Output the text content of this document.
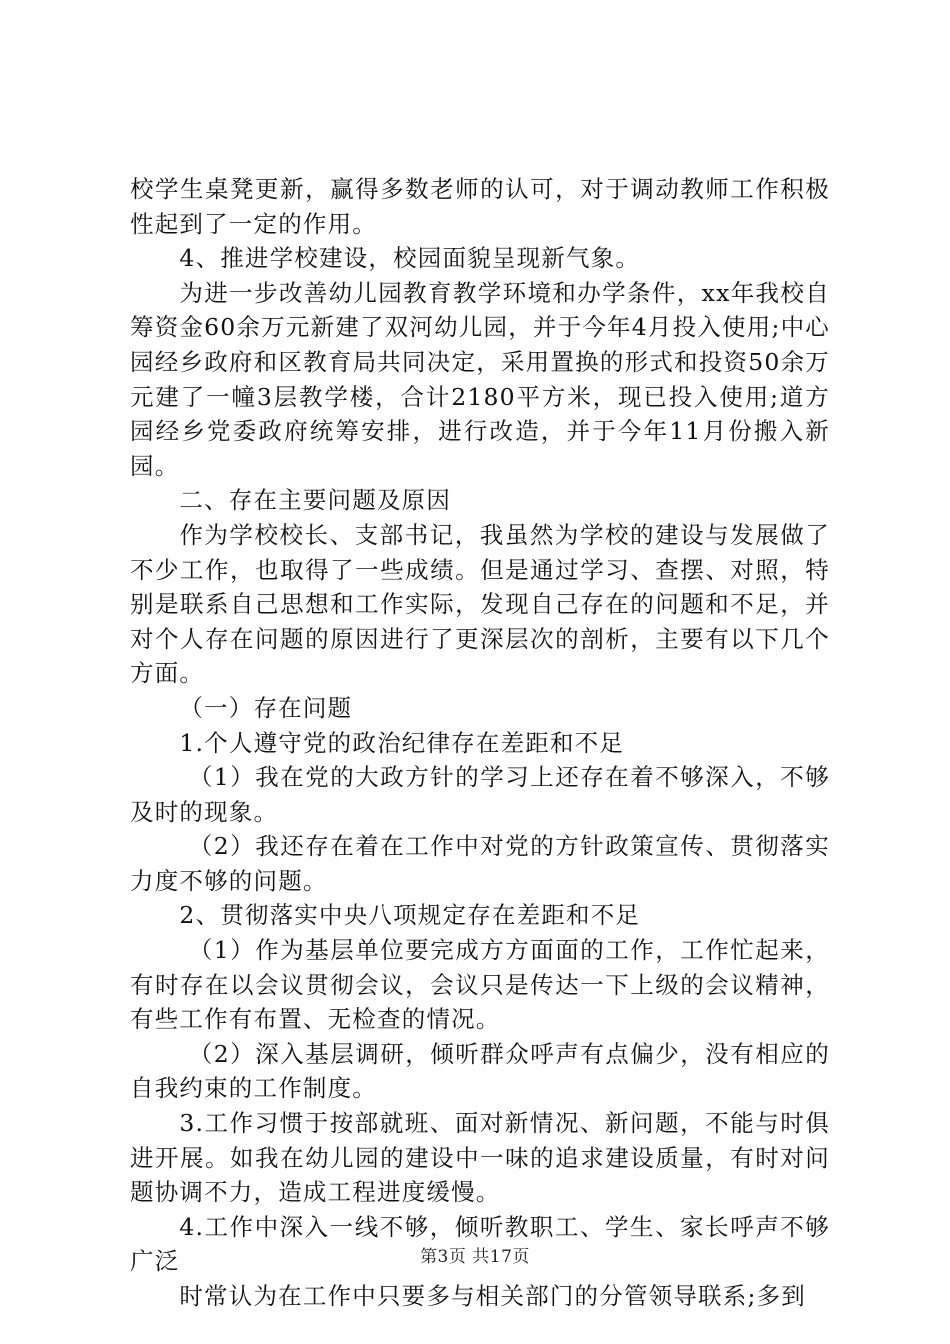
校学生桌凳更新，赢得多数老师的认可，对于调动教师工作积极性起到了一定的作用。

4、推进学校建设，校园面貌呈现新气象。

为进一步改善幼儿园教育教学环境和办学条件，xx年我校自筹资金60余万元新建了双河幼儿园，并于今年4月投入使用;中心园经乡政府和区教育局共同决定，采用置换的形式和投资50余万元建了一幢3层教学楼，合计2180平方米，现已投入使用;道方园经乡党委政府统筹安排，进行改造，并于今年11月份搬入新园。

二、存在主要问题及原因

作为学校校长、支部书记，我虽然为学校的建设与发展做了不少工作，也取得了一些成绩。但是通过学习、查摆、对照，特别是联系自己思想和工作实际，发现自己存在的问题和不足，并对个人存在问题的原因进行了更深层次的剖析，主要有以下几个方面。

（一）存在问题

1.个人遵守党的政治纪律存在差距和不足

（1）我在党的大政方针的学习上还存在着不够深入，不够及时的现象。

（2）我还存在着在工作中对党的方针政策宣传、贯彻落实力度不够的问题。

2、贯彻落实中央八项规定存在差距和不足

（1）作为基层单位要完成方方面面的工作，工作忙起来，有时存在以会议贯彻会议，会议只是传达一下上级的会议精神，有些工作有布置、无检查的情况。

（2）深入基层调研，倾听群众呼声有点偏少，没有相应的自我约束的工作制度。

3.工作习惯于按部就班、面对新情况、新问题，不能与时俱进开展。如我在幼儿园的建设中一味的追求建设质量，有时对问题协调不力，造成工程进度缓慢。

4.工作中深入一线不够，倾听教职工、学生、家长呼声不够广泛

时常认为在工作中只要多与相关部门的分管领导联系;多到

第3页 共17页
